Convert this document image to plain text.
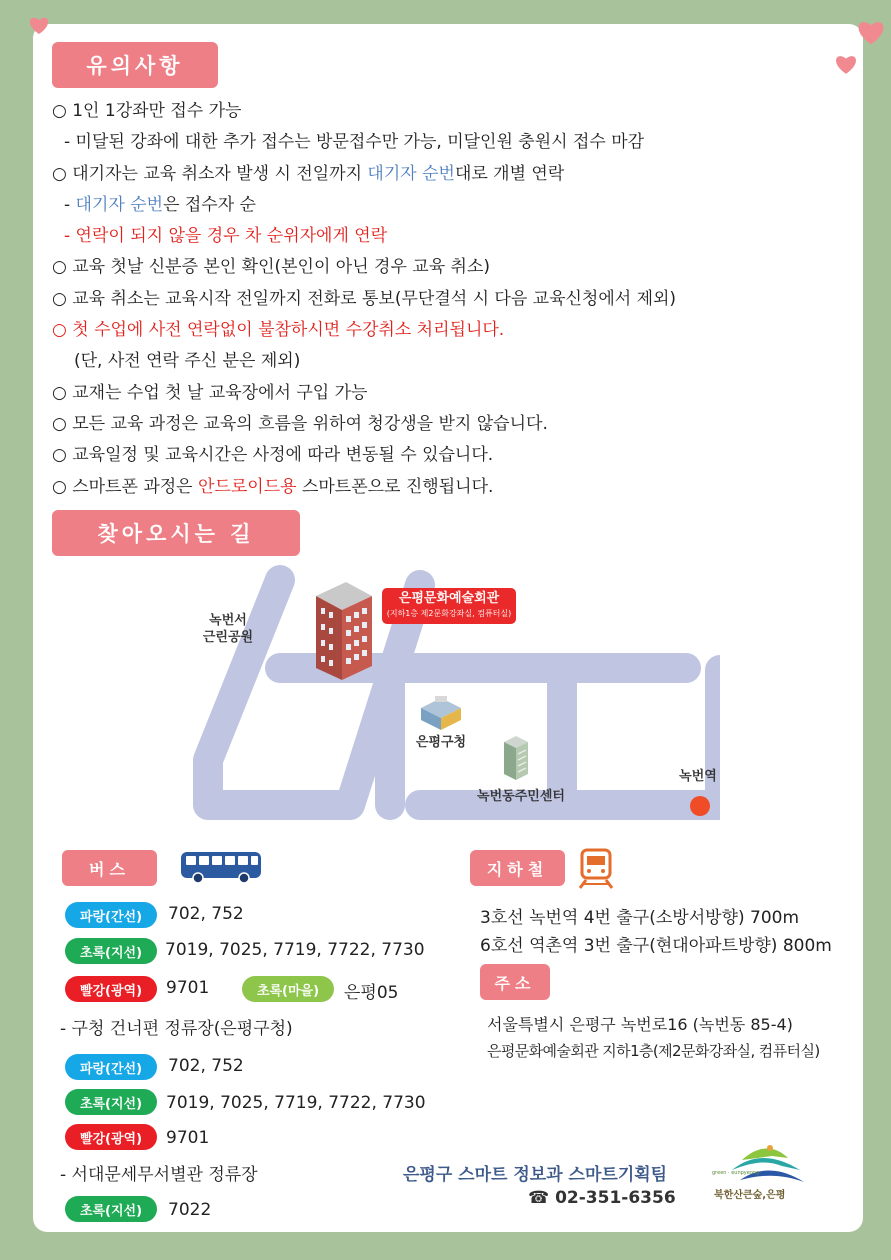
유의사항
○ 1인 1강좌만 접수 가능
- 미달된 강좌에 대한 추가 접수는 방문접수만 가능, 미달인원 충원시 접수 마감
○ 대기자는 교육 취소자 발생 시 전일까지 대기자 순번대로 개별 연락
- 대기자 순번은 접수자 순
- 연락이 되지 않을 경우 차 순위자에게 연락
○ 교육 첫날 신분증 본인 확인(본인이 아닌 경우 교육 취소)
○ 교육 취소는 교육시작 전일까지 전화로 통보(무단결석 시 다음 교육신청에서 제외)
○ 첫 수업에 사전 연락없이 불참하시면 수강취소 처리됩니다.
(단, 사전 연락 주신 분은 제외)
○ 교재는 수업 첫 날 교육장에서 구입 가능
○ 모든 교육 과정은 교육의 흐름을 위하여 청강생을 받지 않습니다.
○ 교육일정 및 교육시간은 사정에 따라 변동될 수 있습니다.
○ 스마트폰 과정은 안드로이드용 스마트폰으로 진행됩니다.
찾아오시는 길
은평문화예술회관
(지하1층 제2문화강좌실, 컴퓨터실)
녹번서
근린공원
은평구청
녹번동주민센터
녹번역
버스
파랑(간선)	702, 752
초록(지선)	7019, 7025, 7719, 7722, 7730
빨강(광역)	9701	초록(마을)	은평05
- 구청 건너편 정류장(은평구청)
파랑(간선)	702, 752
초록(지선)	7019, 7025, 7719, 7722, 7730
빨강(광역)	9701
- 서대문세무서별관 정류장
초록(지선)	7022
지하철
3호선 녹번역 4번 출구(소방서방향) 700m
6호선 역촌역 3번 출구(현대아파트방향) 800m
주소
서울특별시 은평구 녹번로16 (녹번동 85-4)
은평문화예술회관 지하1층(제2문화강좌실, 컴퓨터실)
은평구 스마트 정보과 스마트기획팀
☎ 02-351-6356
green · eunpyeong
북한산큰숲,은평
